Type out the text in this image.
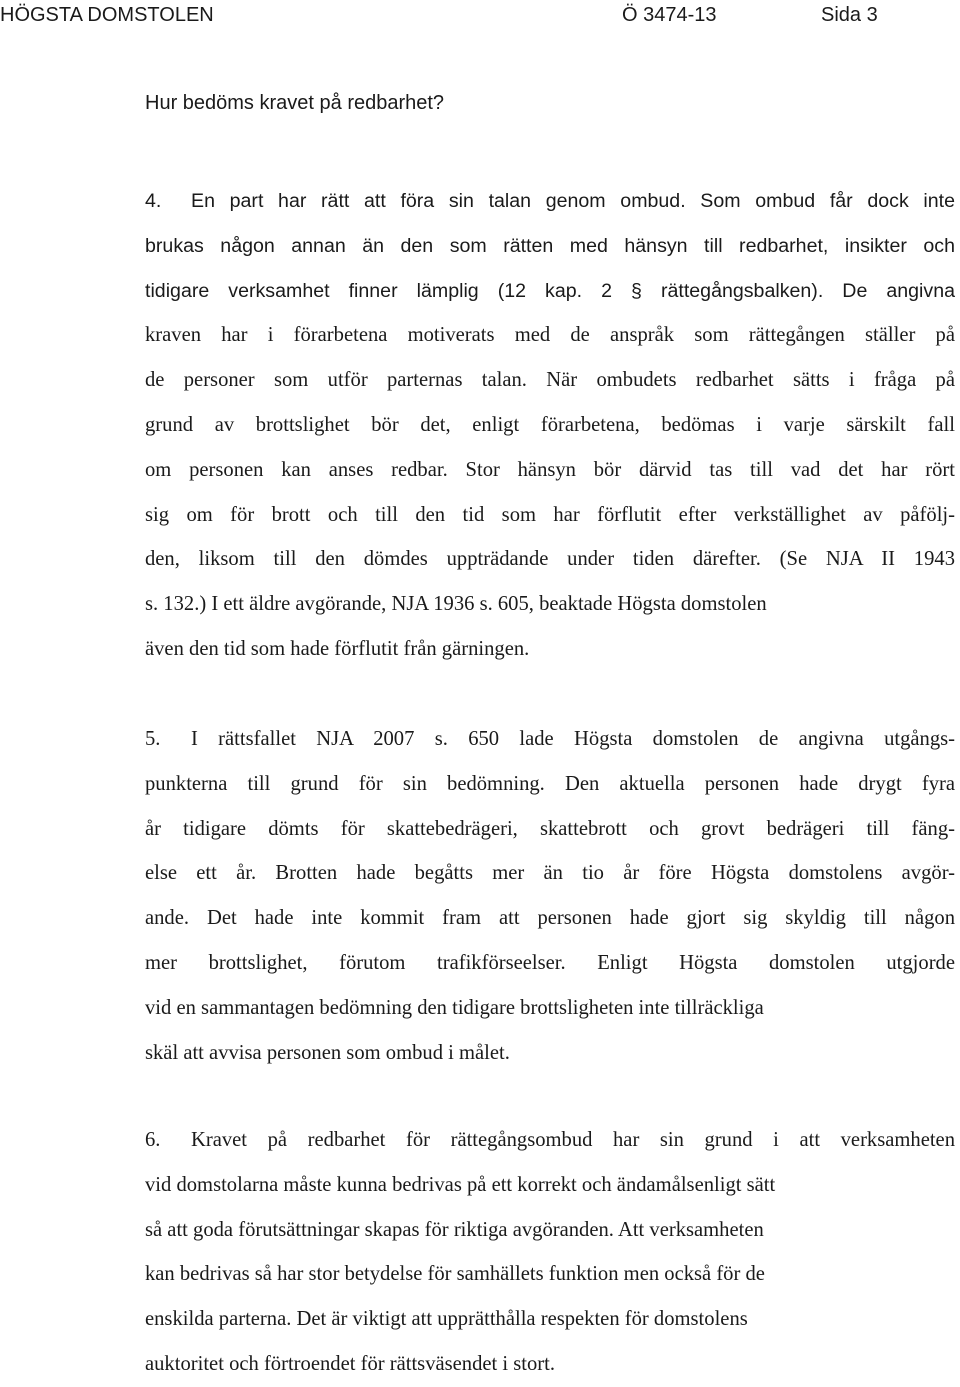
HÖGSTA DOMSTOLEN	Ö 3474-13	Sida 3
Hur bedöms kravet på redbarhet?
4. En part har rätt att föra sin talan genom ombud. Som ombud får dock inte
brukas någon annan än den som rätten med hänsyn till redbarhet, insikter och
tidigare verksamhet finner lämplig (12 kap. 2 § rättegångsbalken). De angivna
kraven har i förarbetena motiverats med de anspråk som rättegången ställer på
de personer som utför parternas talan. När ombudets redbarhet sätts i fråga på
grund av brottslighet bör det, enligt förarbetena, bedömas i varje särskilt fall
om personen kan anses redbar. Stor hänsyn bör därvid tas till vad det har rört
sig om för brott och till den tid som har förflutit efter verkställighet av påfölj-
den, liksom till den dömdes uppträdande under tiden därefter. (Se NJA II 1943
s. 132.) I ett äldre avgörande, NJA 1936 s. 605, beaktade Högsta domstolen
även den tid som hade förflutit från gärningen.
5. I rättsfallet NJA 2007 s. 650 lade Högsta domstolen de angivna utgångs-
punkterna till grund för sin bedömning. Den aktuella personen hade drygt fyra
år tidigare dömts för skattebedrägeri, skattebrott och grovt bedrägeri till fäng-
else ett år. Brotten hade begåtts mer än tio år före Högsta domstolens avgör-
ande. Det hade inte kommit fram att personen hade gjort sig skyldig till någon
mer brottslighet, förutom trafikförseelser. Enligt Högsta domstolen utgjorde
vid en sammantagen bedömning den tidigare brottsligheten inte tillräckliga
skäl att avvisa personen som ombud i målet.
6. Kravet på redbarhet för rättegångsombud har sin grund i att verksamheten
vid domstolarna måste kunna bedrivas på ett korrekt och ändamålsenligt sätt
så att goda förutsättningar skapas för riktiga avgöranden. Att verksamheten
kan bedrivas så har stor betydelse för samhällets funktion men också för de
enskilda parterna. Det är viktigt att upprätthålla respekten för domstolens
auktoritet och förtroendet för rättsväsendet i stort.
